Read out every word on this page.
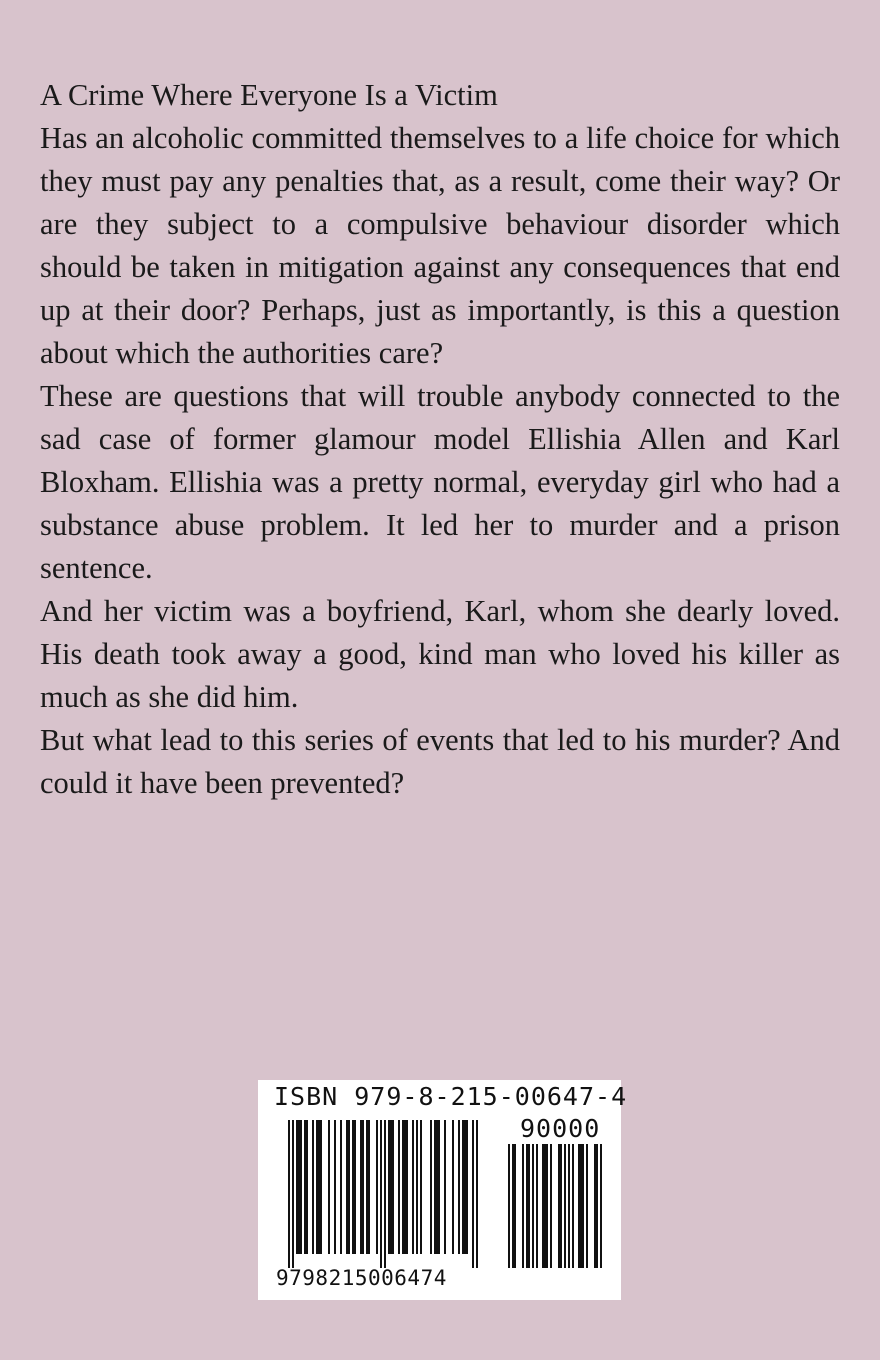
A Crime Where Everyone Is a Victim

Has an alcoholic committed themselves to a life choice for which they must pay any penalties that, as a result, come their way? Or are they subject to a compulsive behaviour disorder which should be taken in mitigation against any consequences that end up at their door? Perhaps, just as importantly, is this a question about which the authorities care?

These are questions that will trouble anybody connected to the sad case of former glamour model Ellishia Allen and Karl Bloxham. Ellishia was a pretty normal, everyday girl who had a substance abuse problem. It led her to murder and a prison sentence.

And her victim was a boyfriend, Karl, whom she dearly loved. His death took away a good, kind man who loved his killer as much as she did him.

But what lead to this series of events that led to his murder? And could it have been prevented?

ISBN 979-8-215-00647-4
90000
9798215006474
